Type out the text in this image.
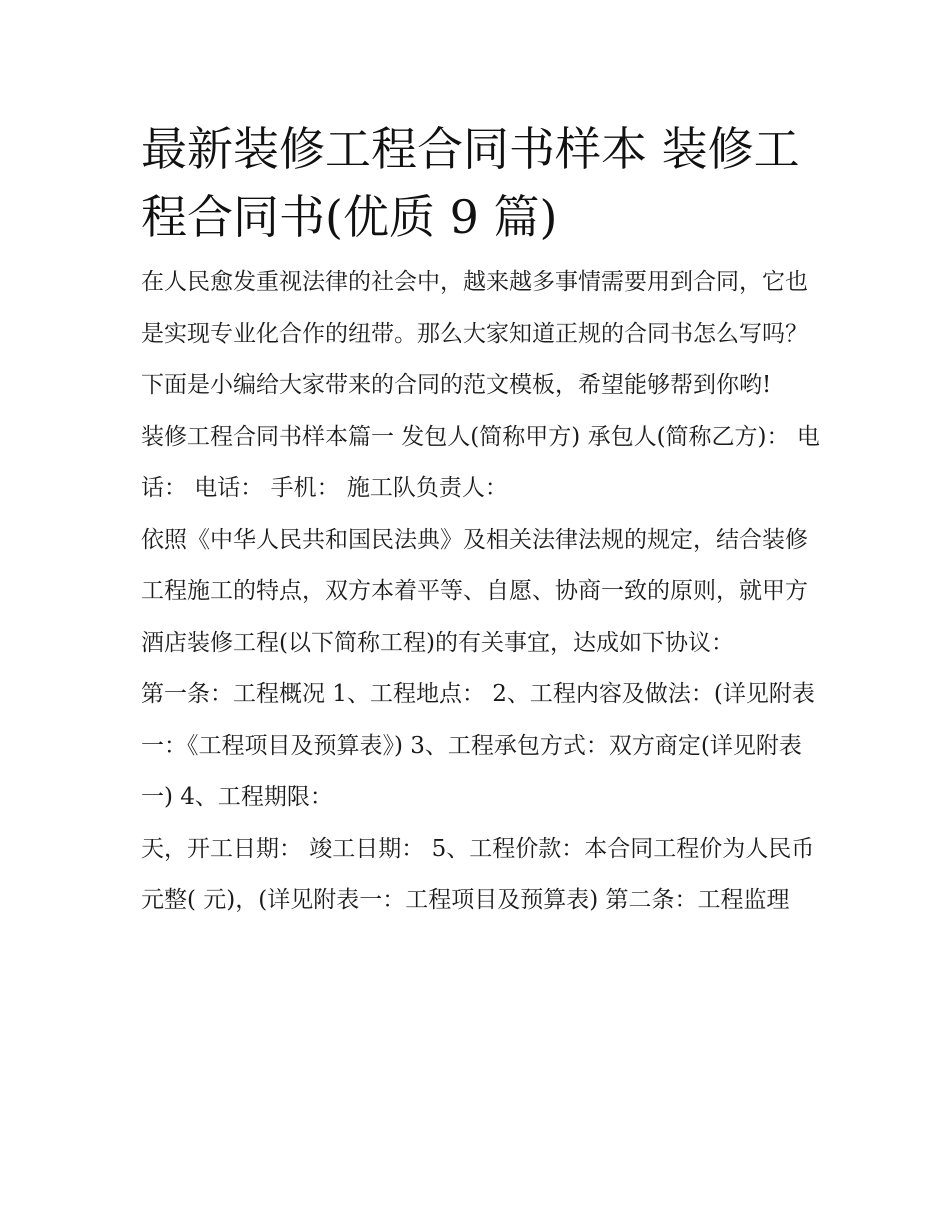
最新装修工程合同书样本 装修工程合同书(优质 9 篇)

在人民愈发重视法律的社会中，越来越多事情需要用到合同，它也是实现专业化合作的纽带。那么大家知道正规的合同书怎么写吗？下面是小编给大家带来的合同的范文模板，希望能够帮到你哟!

装修工程合同书样本篇一 发包人(简称甲方) 承包人(简称乙方)： 电话： 电话： 手机： 施工队负责人：

依照《中华人民共和国民法典》及相关法律法规的规定，结合装修工程施工的特点，双方本着平等、自愿、协商一致的原则，就甲方酒店装修工程(以下简称工程)的有关事宜，达成如下协议：

第一条：工程概况 1、工程地点： 2、工程内容及做法：(详见附表一：《工程项目及预算表》) 3、工程承包方式：双方商定(详见附表一) 4、工程期限：

天，开工日期： 竣工日期： 5、工程价款：本合同工程价为人民币 元整( 元)，(详见附表一：工程项目及预算表) 第二条：工程监理
